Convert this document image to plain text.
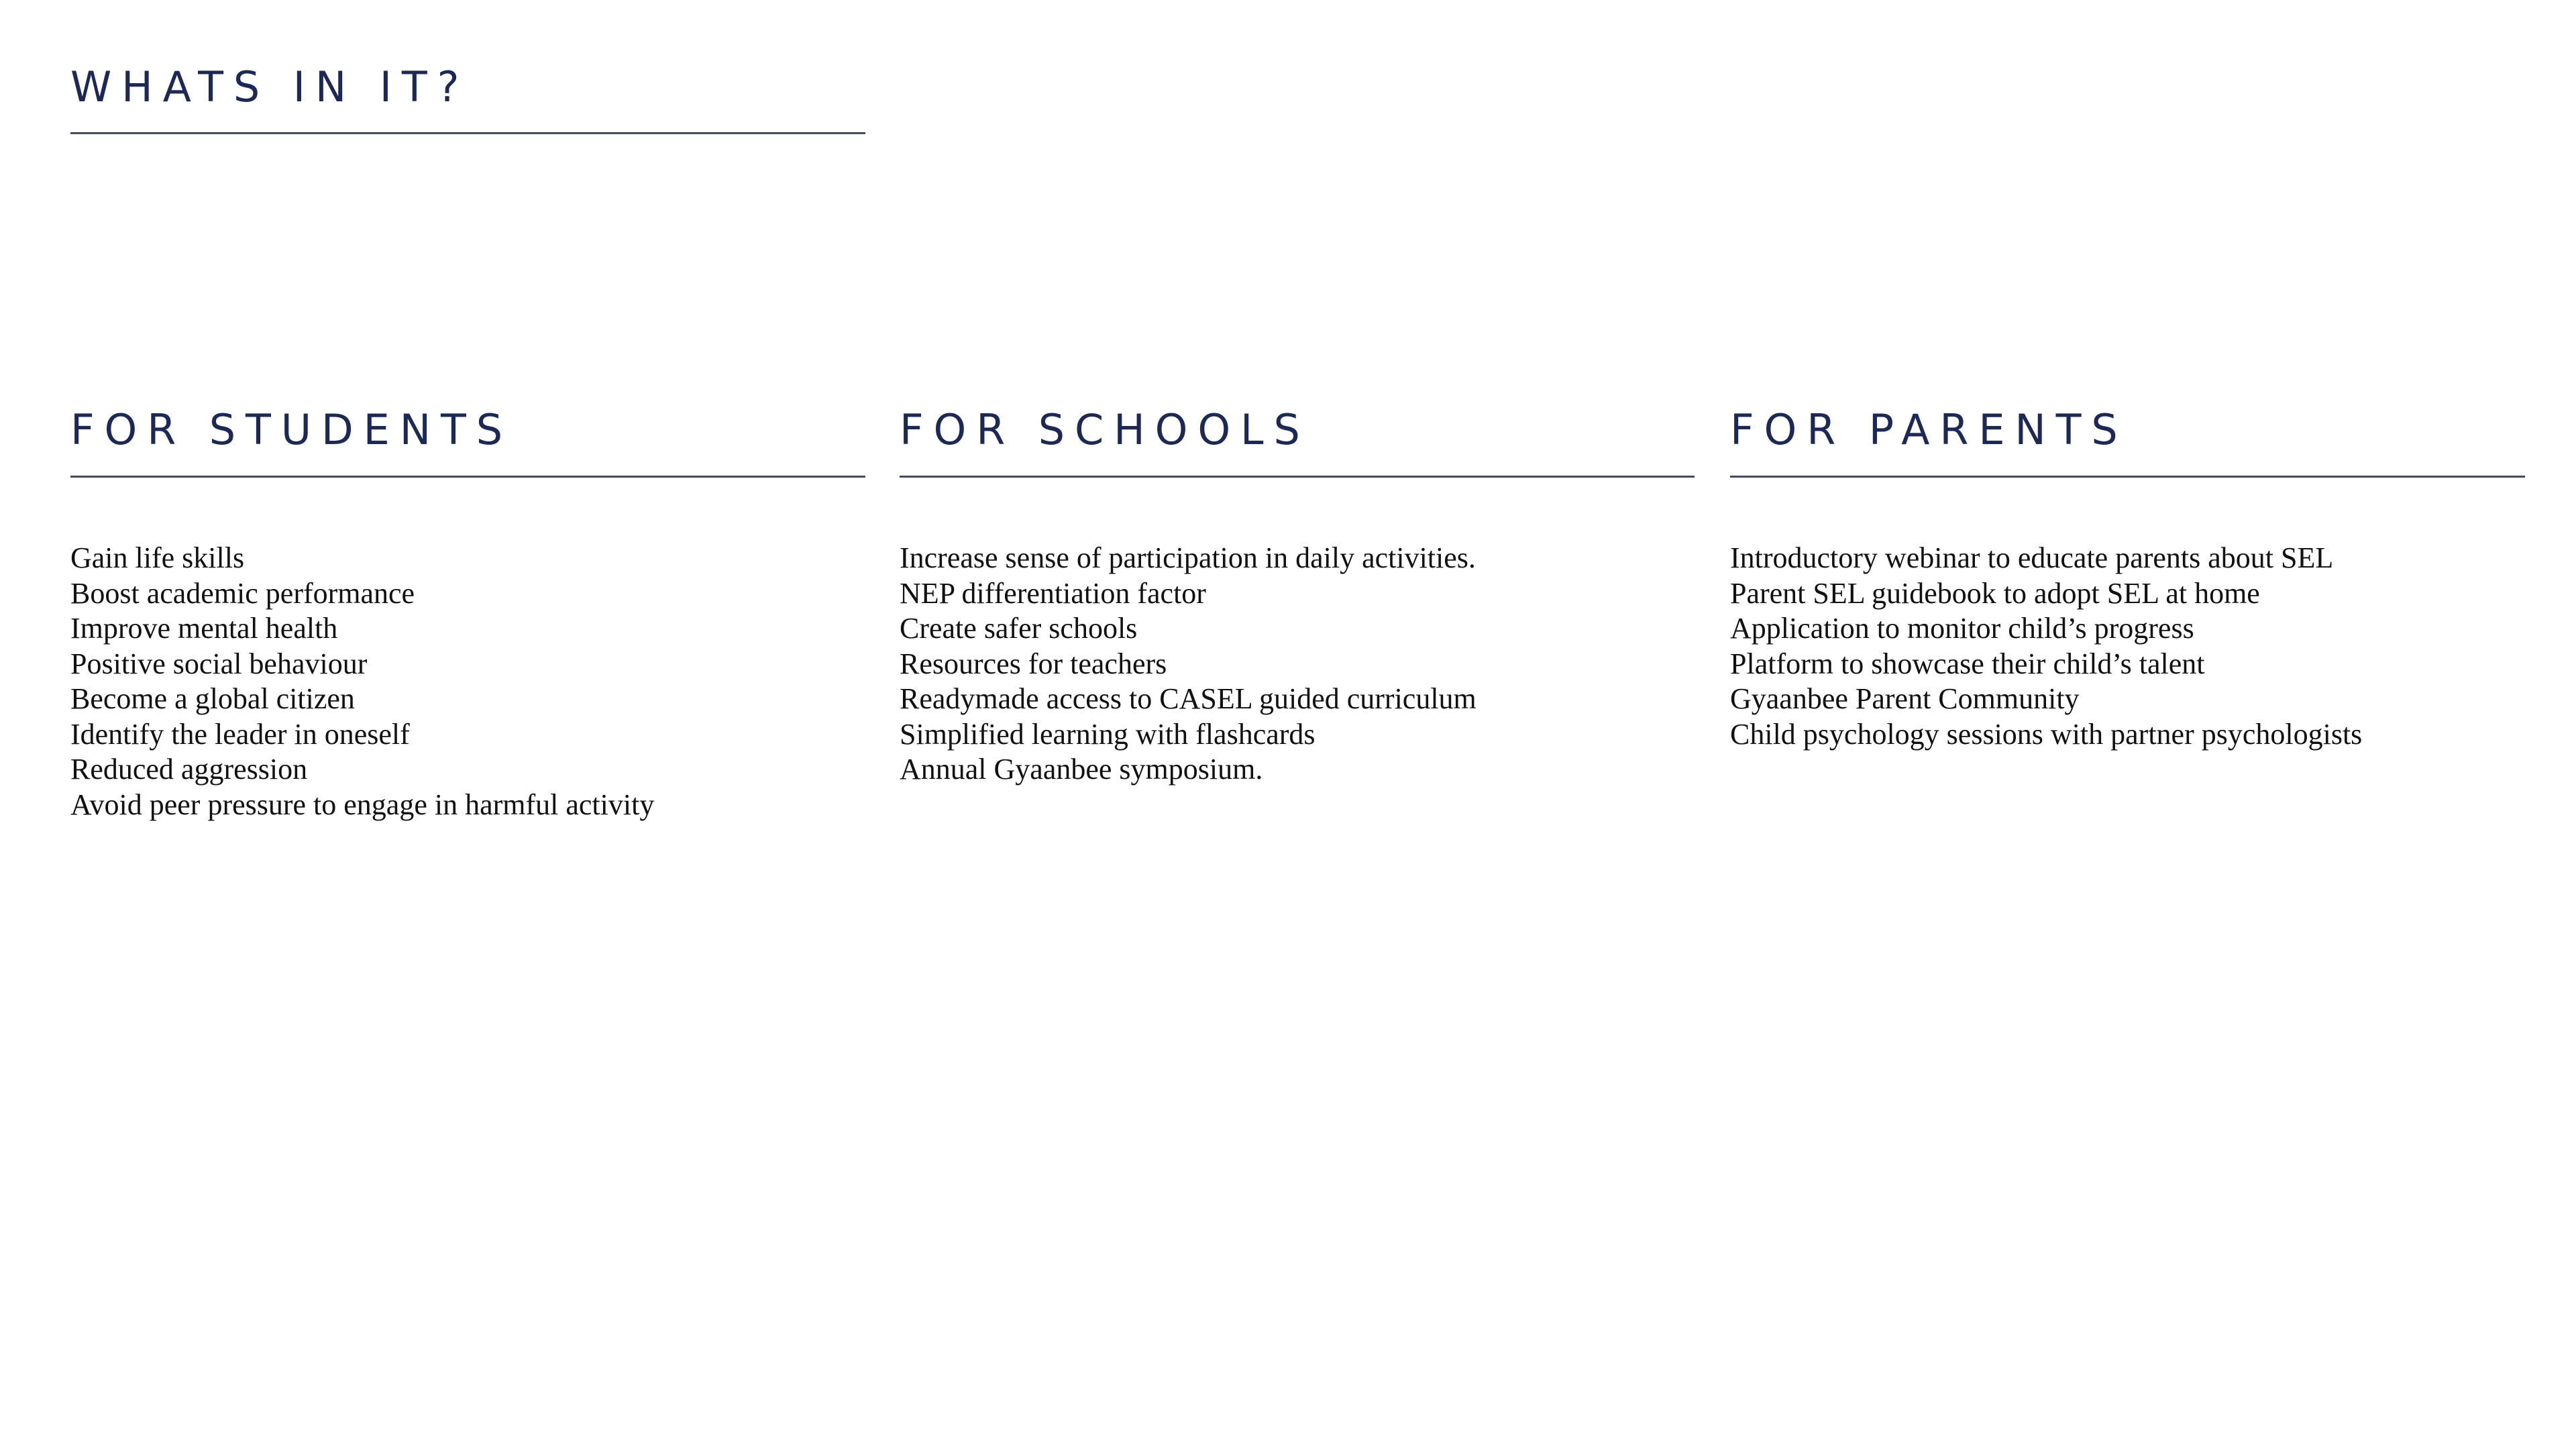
WHATS IN IT?
FOR STUDENTS
Gain life skills
Boost academic performance
Improve mental health
Positive social behaviour
Become a global citizen
Identify the leader in oneself
Reduced aggression
Avoid peer pressure to engage in harmful activity
FOR SCHOOLS
Increase sense of participation in daily activities.
NEP differentiation factor
Create safer schools
Resources for teachers
Readymade access to CASEL guided curriculum
Simplified learning with flashcards
Annual Gyaanbee symposium.
FOR PARENTS
Introductory webinar to educate parents about SEL
Parent SEL guidebook to adopt SEL at home
Application to monitor child’s progress
Platform to showcase their child’s talent
Gyaanbee Parent Community
Child psychology sessions with partner psychologists
